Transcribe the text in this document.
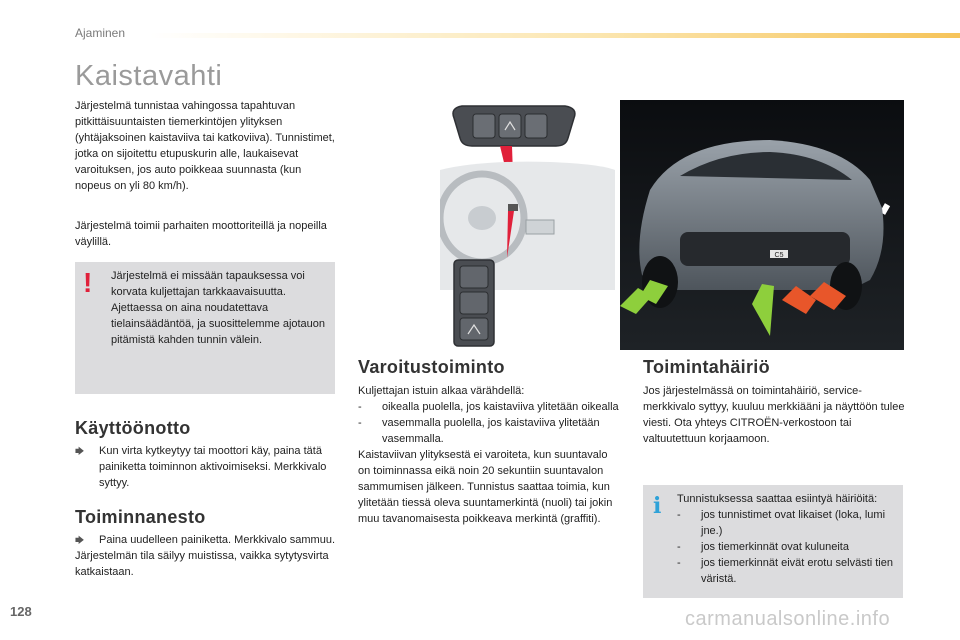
Ajaminen
Kaistavahti

Järjestelmä tunnistaa vahingossa tapahtuvan pitkittäisuuntaisten tiemerkintöjen ylityksen (yhtäjaksoinen kaistaviiva tai katkoviiva). Tunnistimet, jotka on sijoitettu etupuskurin alle, laukaisevat varoituksen, jos auto poikkeaa suunnasta (kun nopeus on yli 80 km/h).

Järjestelmä toimii parhaiten moottoriteillä ja nopeilla väylillä.

! Järjestelmä ei missään tapauksessa voi korvata kuljettajan tarkkaavaisuutta. Ajettaessa on aina noudatettava tielainsäädäntöä, ja suosittelemme ajotauon pitämistä kahden tunnin välein.
Käyttöönotto
🡆	Kun virta kytkeytyy tai moottori käy, paina tätä painiketta toiminnon aktivoimiseksi. Merkkivalo syttyy.
Toiminnanesto
🡆	Paina uudelleen painiketta. Merkkivalo sammuu.
Järjestelmän tila säilyy muistissa, vaikka sytytysvirta katkaistaan.
C5
Varoitustoiminto
Kuljettajan istuin alkaa värähdellä:
-	oikealla puolella, jos kaistaviiva ylitetään oikealla
-	vasemmalla puolella, jos kaistaviiva ylitetään vasemmalla.
Kaistaviivan ylityksestä ei varoiteta, kun suuntavalo on toiminnassa eikä noin 20 sekuntiin suuntavalon sammumisen jälkeen. Tunnistus saattaa toimia, kun ylitetään tiessä oleva suuntamerkintä (nuoli) tai jokin muu tavanomaisesta poikkeava merkintä (graffiti).
Toimintahäiriö
Jos järjestelmässä on toimintahäiriö, service-merkkivalo syttyy, kuuluu merkkiääni ja näyttöön tulee viesti. Ota yhteys CITROËN-verkostoon tai valtuutettuun korjaamoon.
i Tunnistuksessa saattaa esiintyä häiriöitä:
-	jos tunnistimet ovat likaiset (loka, lumi jne.)
-	jos tiemerkinnät ovat kuluneita
-	jos tiemerkinnät eivät erotu selvästi tien väristä.
128	carmanualsonline.info
